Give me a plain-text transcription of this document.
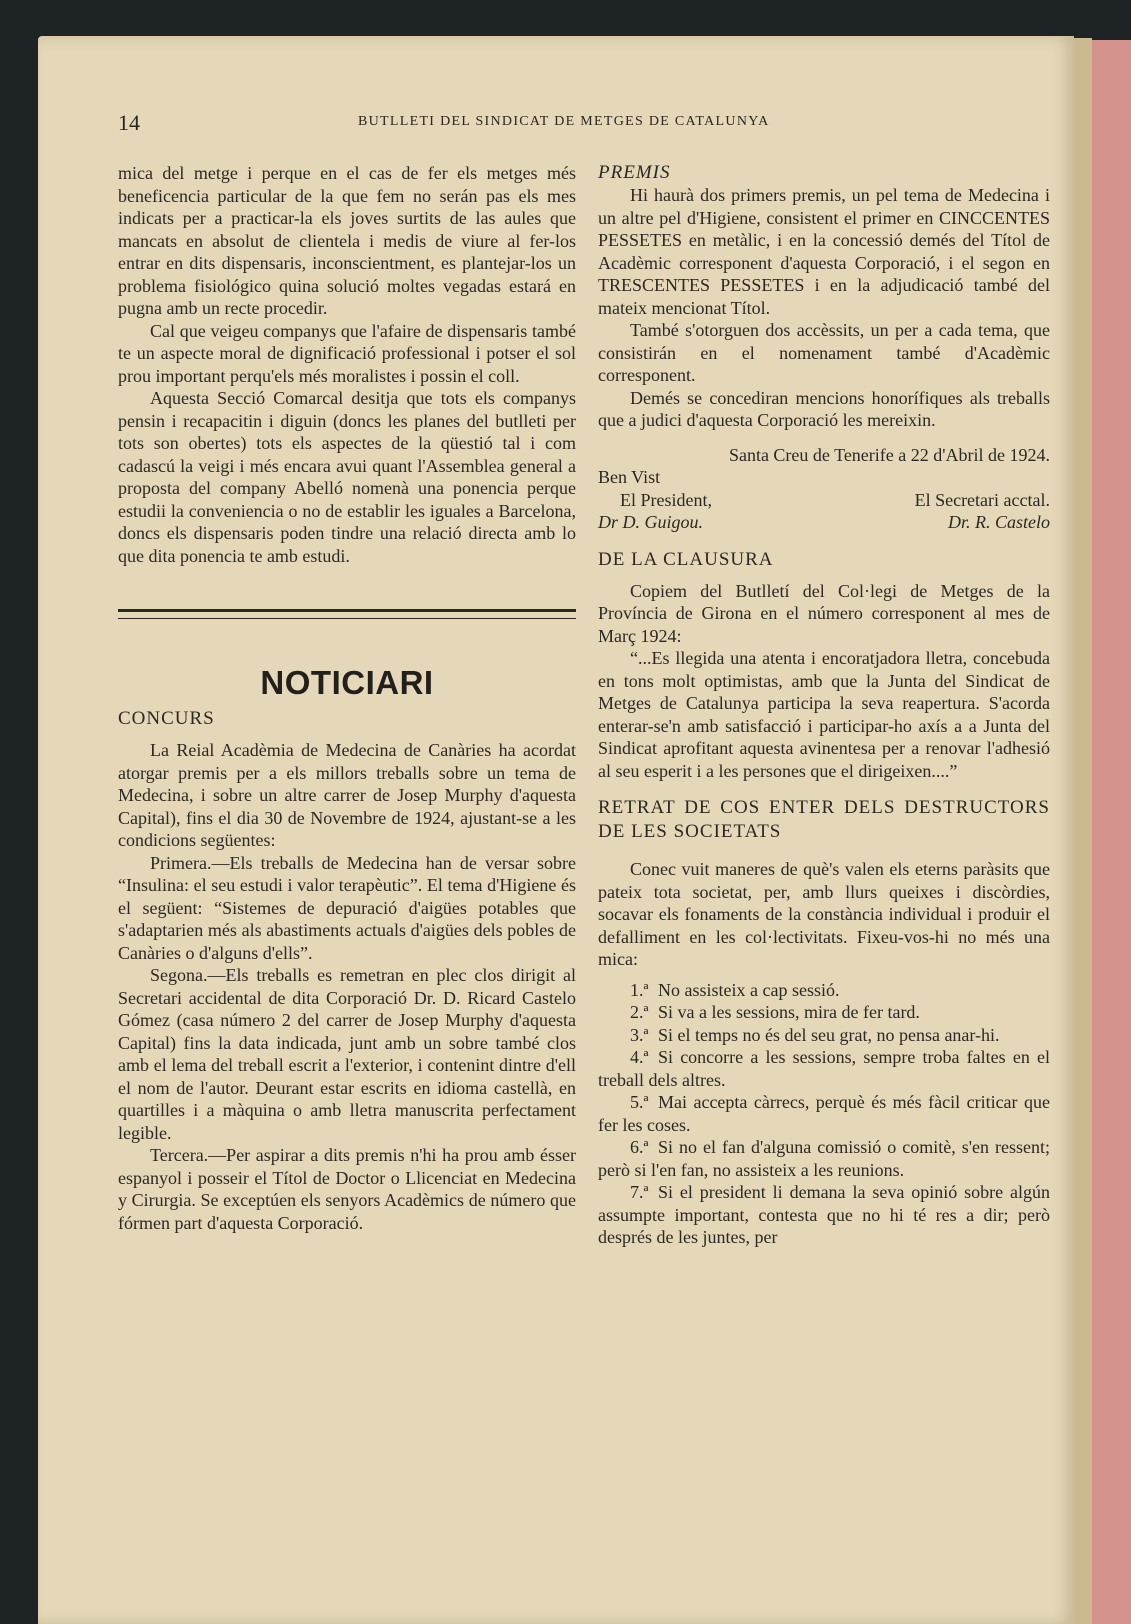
14	BUTLLETI DEL SINDICAT DE METGES DE CATALUNYA

mica del metge i perque en el cas de fer els metges més beneficencia particular de la que fem no serán pas els mes indicats per a practicar-la els joves surtits de las aules que mancats en absolut de clientela i medis de viure al fer-los entrar en dits dispensaris, inconscientment, es plantejar-los un problema fisiológico quina solució moltes vegadas estará en pugna amb un recte procedir.

Cal que veigeu companys que l'afaire de dispensaris també te un aspecte moral de dignificació professional i potser el sol prou important perqu'els més moralistes i possin el coll.

Aquesta Secció Comarcal desitja que tots els companys pensin i recapacitin i diguin (doncs les planes del butlleti per tots son obertes) tots els aspectes de la qüestió tal i com cadascú la veigi i més encara avui quant l'Assemblea general a proposta del company Abelló nomenà una ponencia perque estudii la conveniencia o no de establir les iguales a Barcelona, doncs els dispensaris poden tindre una relació directa amb lo que dita ponencia te amb estudi.

NOTICIARI

CONCURS

La Reial Acadèmia de Medecina de Canàries ha acordat atorgar premis per a els millors treballs sobre un tema de Medecina, i sobre un altre carrer de Josep Murphy d'aquesta Capital), fins el dia 30 de Novembre de 1924, ajustant-se a les condicions següentes:

Primera.—Els treballs de Medecina han de versar sobre “Insulina: el seu estudi i valor terapèutic”. El tema d'Higiene és el següent: “Sistemes de depuració d'aigües potables que s'adaptarien més als abastiments actuals d'aigües dels pobles de Canàries o d'alguns d'ells”.

Segona.—Els treballs es remetran en plec clos dirigit al Secretari accidental de dita Corporació Dr. D. Ricard Castelo Gómez (casa número 2 del carrer de Josep Murphy d'aquesta Capital) fins la data indicada, junt amb un sobre també clos amb el lema del treball escrit a l'exterior, i contenint dintre d'ell el nom de l'autor. Deurant estar escrits en idioma castellà, en quartilles i a màquina o amb lletra manuscrita perfectament legible.

Tercera.—Per aspirar a dits premis n'hi ha prou amb ésser espanyol i posseir el Títol de Doctor o Llicenciat en Medecina y Cirurgia. Se exceptúen els senyors Acadèmics de número que fórmen part d'aquesta Corporació.

PREMIS

Hi haurà dos primers premis, un pel tema de Medecina i un altre pel d'Higiene, consistent el primer en CINCCENTES PESSETES en metàlic, i en la concessió demés del Títol de Acadèmic corresponent d'aquesta Corporació, i el segon en TRESCENTES PESSETES i en la adjudicació també del mateix mencionat Títol.

També s'otorguen dos accèssits, un per a cada tema, que consistirán en el nomenament també d'Acadèmic corresponent.

Demés se concediran mencions honorífiques als treballs que a judici d'aquesta Corporació les mereixin.

Santa Creu de Tenerife a 22 d'Abril de 1924.

Ben Vist

El President,	El Secretari acctal.
Dr D. Guigou.	Dr. R. Castelo

DE LA CLAUSURA

Copiem del Butlletí del Col·legi de Metges de la Província de Girona en el número corresponent al mes de Març 1924:

“...Es llegida una atenta i encoratjadora lletra, concebuda en tons molt optimistas, amb que la Junta del Sindicat de Metges de Catalunya participa la seva reapertura. S'acorda enterar-se'n amb satisfacció i participar-ho axís a a Junta del Sindicat aprofitant aquesta avinentesa per a renovar l'adhesió al seu esperit i a les persones que el dirigeixen....”

RETRAT DE COS ENTER DELS DESTRUCTORS DE LES SOCIETATS

Conec vuit maneres de què's valen els eterns paràsits que pateix tota societat, per, amb llurs queixes i discòrdies, socavar els fonaments de la constància individual i produir el defalliment en les col·lectivitats. Fixeu-vos-hi no més una mica:

1.ª No assisteix a cap sessió.

2.ª Si va a les sessions, mira de fer tard.

3.ª Si el temps no és del seu grat, no pensa anar-hi.

4.ª Si concorre a les sessions, sempre troba faltes en el treball dels altres.

5.ª Mai accepta càrrecs, perquè és més fàcil criticar que fer les coses.

6.ª Si no el fan d'alguna comissió o comitè, s'en ressent; però si l'en fan, no assisteix a les reunions.

7.ª Si el president li demana la seva opinió sobre algún assumpte important, contesta que no hi té res a dir; però després de les juntes, per
